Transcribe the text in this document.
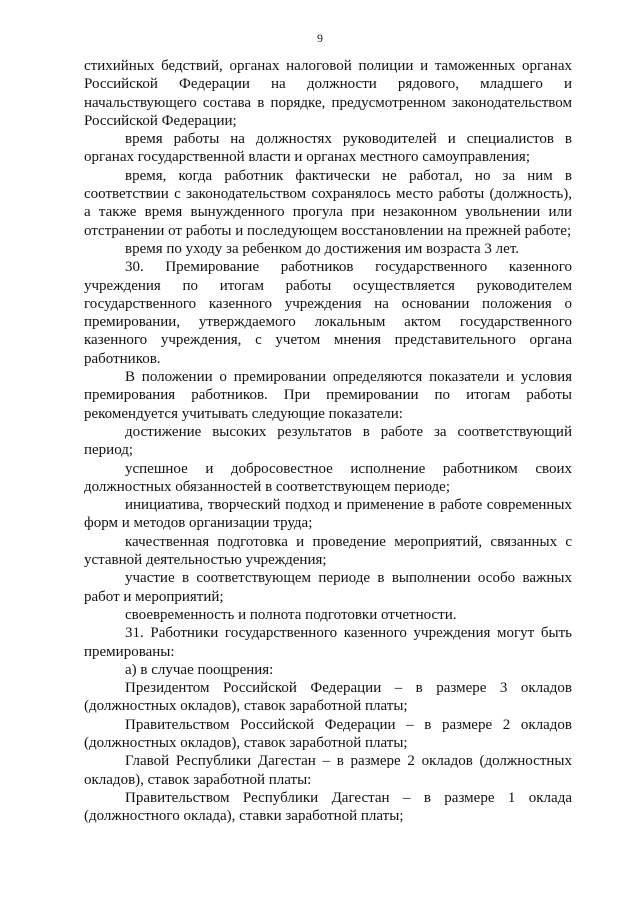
9

стихийных бедствий, органах налоговой полиции и таможенных органах Российской Федерации на должности рядового, младшего и начальствующего состава в порядке, предусмотренном законодательством Российской Федерации;

время работы на должностях руководителей и специалистов в органах государственной власти и органах местного самоуправления;

время, когда работник фактически не работал, но за ним в соответствии с законодательством сохранялось место работы (должность), а также время вынужденного прогула при незаконном увольнении или отстранении от работы и последующем восстановлении на прежней работе;

время по уходу за ребенком до достижения им возраста 3 лет.

30. Премирование работников государственного казенного учреждения по итогам работы осуществляется руководителем государственного казенного учреждения на основании положения о премировании, утверждаемого локальным актом государственного казенного учреждения, с учетом мнения представительного органа работников.

В положении о премировании определяются показатели и условия премирования работников. При премировании по итогам работы рекомендуется учитывать следующие показатели:

достижение высоких результатов в работе за соответствующий период;

успешное и добросовестное исполнение работником своих должностных обязанностей в соответствующем периоде;

инициатива, творческий подход и применение в работе современных форм и методов организации труда;

качественная подготовка и проведение мероприятий, связанных с уставной деятельностью учреждения;

участие в соответствующем периоде в выполнении особо важных работ и мероприятий;

своевременность и полнота подготовки отчетности.

31. Работники государственного казенного учреждения могут быть премированы:

а) в случае поощрения:

Президентом Российской Федерации – в размере 3 окладов (должностных окладов), ставок заработной платы;

Правительством Российской Федерации – в размере 2 окладов (должностных окладов), ставок заработной платы;

Главой Республики Дагестан – в размере 2 окладов (должностных окладов), ставок заработной платы:

Правительством Республики Дагестан – в размере 1 оклада (должностного оклада), ставки заработной платы;
